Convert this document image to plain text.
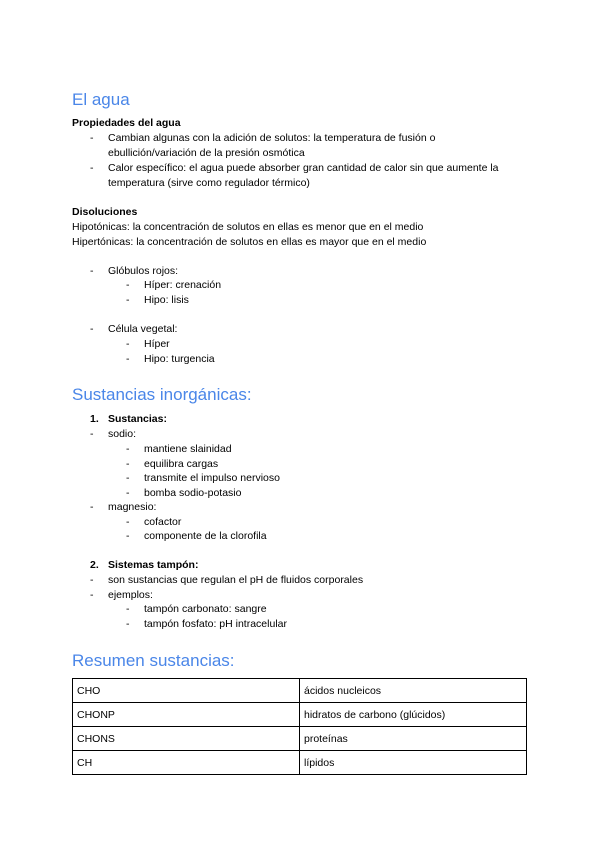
El agua
Propiedades del agua
- Cambian algunas con la adición de solutos: la temperatura de fusión o
ebullición/variación de la presión osmótica
- Calor específico: el agua puede absorber gran cantidad de calor sin que aumente la
temperatura (sirve como regulador térmico)
Disoluciones
Hipotónicas: la concentración de solutos en ellas es menor que en el medio
Hipertónicas: la concentración de solutos en ellas es mayor que en el medio
- Glóbulos rojos:
- Híper: crenación
- Hipo: lisis
- Célula vegetal:
- Híper
- Hipo: turgencia
Sustancias inorgánicas:
1. Sustancias:
- sodio:
- mantiene slainidad
- equilibra cargas
- transmite el impulso nervioso
- bomba sodio-potasio
- magnesio:
- cofactor
- componente de la clorofila
2. Sistemas tampón:
- son sustancias que regulan el pH de fluidos corporales
- ejemplos:
- tampón carbonato: sangre
- tampón fosfato: pH intracelular
Resumen sustancias:
CHO	ácidos nucleicos
CHONP	hidratos de carbono (glúcidos)
CHONS	proteínas
CH	lípidos
